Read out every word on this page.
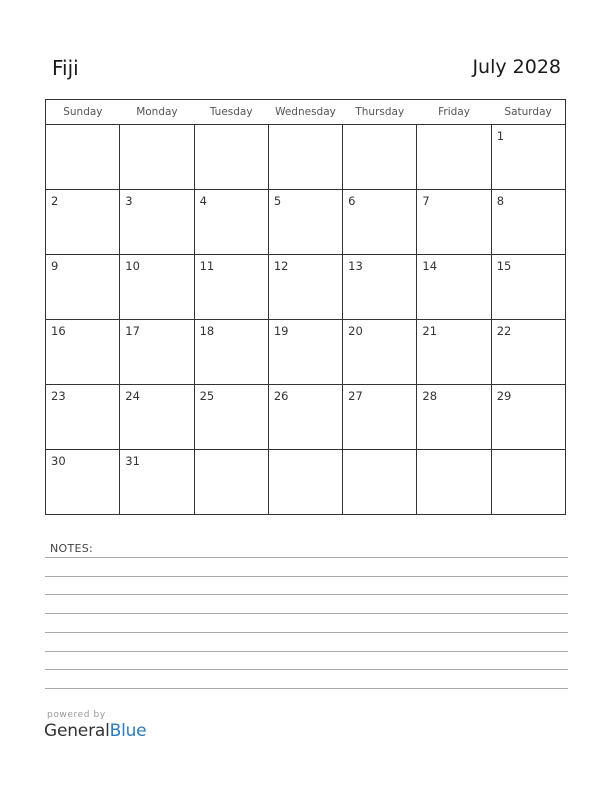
Fiji	July 2028
Sunday	Monday	Tuesday	Wednesday	Thursday	Friday	Saturday

						1

2	3	4	5	6	7	8

9	10	11	12	13	14	15

16	17	18	19	20	21	22

23	24	25	26	27	28	29

30	31					

NOTES:
powered by
GeneralBlue
